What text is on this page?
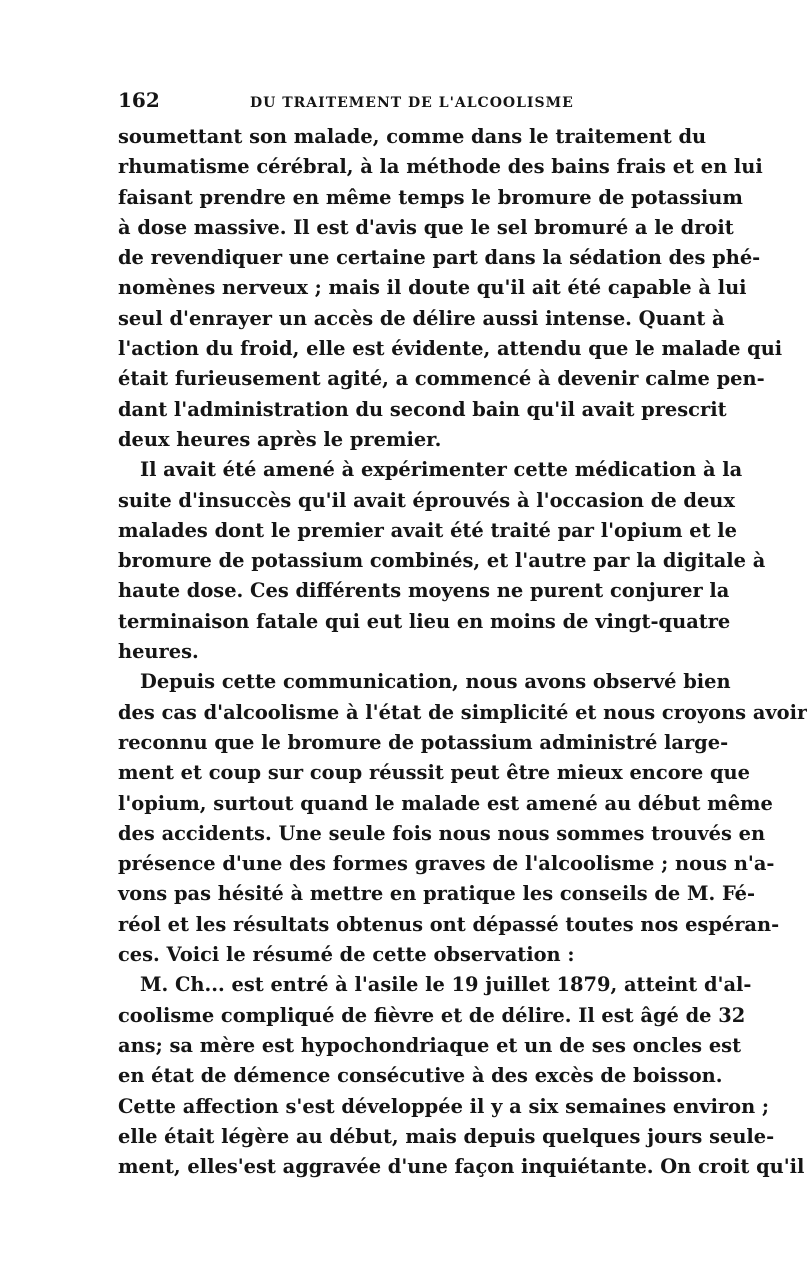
162	DU TRAITEMENT DE L'ALCOOLISME

soumettant son malade, comme dans le traitement du
rhumatisme cérébral, à la méthode des bains frais et en lui
faisant prendre en même temps le bromure de potassium
à dose massive. Il est d'avis que le sel bromuré a le droit
de revendiquer une certaine part dans la sédation des phé-
nomènes nerveux ; mais il doute qu'il ait été capable à lui
seul d'enrayer un accès de délire aussi intense. Quant à
l'action du froid, elle est évidente, attendu que le malade qui
était furieusement agité, a commencé à devenir calme pen-
dant l'administration du second bain qu'il avait prescrit
deux heures après le premier.

Il avait été amené à expérimenter cette médication à la
suite d'insuccès qu'il avait éprouvés à l'occasion de deux
malades dont le premier avait été traité par l'opium et le
bromure de potassium combinés, et l'autre par la digitale à
haute dose. Ces différents moyens ne purent conjurer la
terminaison fatale qui eut lieu en moins de vingt-quatre
heures.

Depuis cette communication, nous avons observé bien
des cas d'alcoolisme à l'état de simplicité et nous croyons avoir
reconnu que le bromure de potassium administré large-
ment et coup sur coup réussit peut être mieux encore que
l'opium, surtout quand le malade est amené au début même
des accidents. Une seule fois nous nous sommes trouvés en
présence d'une des formes graves de l'alcoolisme ; nous n'a-
vons pas hésité à mettre en pratique les conseils de M. Fé-
réol et les résultats obtenus ont dépassé toutes nos espéran-
ces. Voici le résumé de cette observation :

M. Ch... est entré à l'asile le 19 juillet 1879, atteint d'al-
coolisme compliqué de fièvre et de délire. Il est âgé de 32
ans; sa mère est hypochondriaque et un de ses oncles est
en état de démence consécutive à des excès de boisson.
Cette affection s'est développée il y a six semaines environ ;
elle était légère au début, mais depuis quelques jours seule-
ment, elles'est aggravée d'une façon inquiétante. On croit qu'il
